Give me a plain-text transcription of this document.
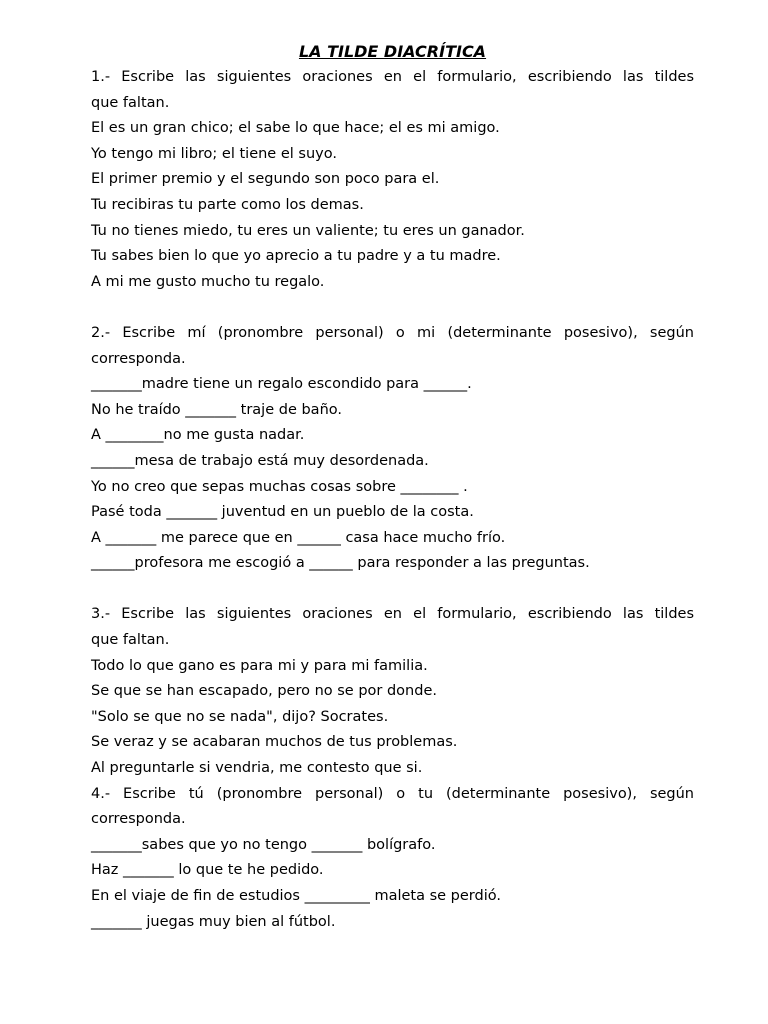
LA TILDE DIACRÍTICA

1.- Escribe las siguientes oraciones en el formulario, escribiendo las tildes

que faltan.

El es un gran chico; el sabe lo que hace; el es mi amigo.

Yo tengo mi libro; el tiene el suyo.

El primer premio y el segundo son poco para el.

Tu recibiras tu parte como los demas.

Tu no tienes miedo, tu eres un valiente; tu eres un ganador.

Tu sabes bien lo que yo aprecio a tu padre y a tu madre.

A mi me gusto mucho tu regalo.

2.- Escribe mí (pronombre personal) o mi (determinante posesivo), según

corresponda.

_______madre tiene un regalo escondido para ______.

No he traído _______ traje de baño.

A ________no me gusta nadar.

______mesa de trabajo está muy desordenada.

Yo no creo que sepas muchas cosas sobre ________ .

Pasé toda _______ juventud en un pueblo de la costa.

A _______ me parece que en ______ casa hace mucho frío.

______profesora me escogió a ______ para responder a las preguntas.

3.- Escribe las siguientes oraciones en el formulario, escribiendo las tildes

que faltan.

Todo lo que gano es para mi y para mi familia.

Se que se han escapado, pero no se por donde.

"Solo se que no se nada", dijo? Socrates.

Se veraz y se acabaran muchos de tus problemas.

Al preguntarle si vendria, me contesto que si.

4.- Escribe tú (pronombre personal) o tu (determinante posesivo), según

corresponda.

_______sabes que yo no tengo _______ bolígrafo.

Haz _______ lo que te he pedido.

En el viaje de fin de estudios _________ maleta se perdió.

_______ juegas muy bien al fútbol.
